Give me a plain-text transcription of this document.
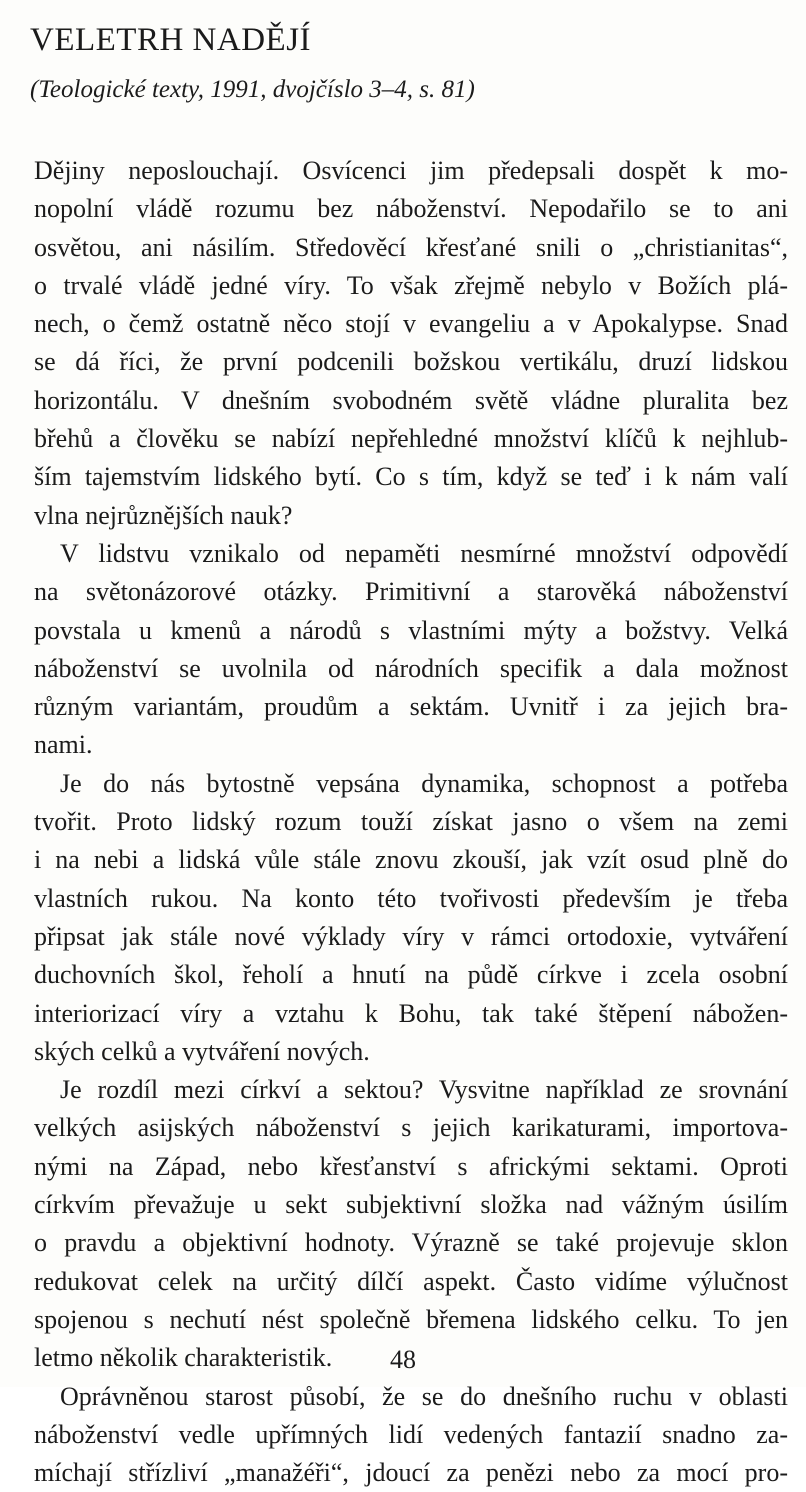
VELETRH NADĚJÍ

(Teologické texty, 1991, dvojčíslo 3–4, s. 81)

Dějiny neposlouchají. Osvícenci jim předepsali dospět k mo-
nopolní vládě rozumu bez náboženství. Nepodařilo se to ani
osvětou, ani násilím. Středověcí křesťané snili o „christianitas“,
o trvalé vládě jedné víry. To však zřejmě nebylo v Božích plá-
nech, o čemž ostatně něco stojí v evangeliu a v Apokalypse. Snad
se dá říci, že první podcenili božskou vertikálu, druzí lidskou
horizontálu. V dnešním svobodném světě vládne pluralita bez
břehů a člověku se nabízí nepřehledné množství klíčů k nejhlub-
ším tajemstvím lidského bytí. Co s tím, když se teď i k nám valí
vlna nejrůznějších nauk?
V lidstvu vznikalo od nepaměti nesmírné množství odpovědí
na světonázorové otázky. Primitivní a starověká náboženství
povstala u kmenů a národů s vlastními mýty a božstvy. Velká
náboženství se uvolnila od národních specifik a dala možnost
různým variantám, proudům a sektám. Uvnitř i za jejich bra-
nami.
Je do nás bytostně vepsána dynamika, schopnost a potřeba
tvořit. Proto lidský rozum touží získat jasno o všem na zemi
i na nebi a lidská vůle stále znovu zkouší, jak vzít osud plně do
vlastních rukou. Na konto této tvořivosti především je třeba
připsat jak stále nové výklady víry v rámci ortodoxie, vytváření
duchovních škol, řeholí a hnutí na půdě církve i zcela osobní
interiorizací víry a vztahu k Bohu, tak také štěpení nábožen-
ských celků a vytváření nových.
Je rozdíl mezi církví a sektou? Vysvitne například ze srovnání
velkých asijských náboženství s jejich karikaturami, importova-
nými na Západ, nebo křesťanství s africkými sektami. Oproti
církvím převažuje u sekt subjektivní složka nad vážným úsilím
o pravdu a objektivní hodnoty. Výrazně se také projevuje sklon
redukovat celek na určitý dílčí aspekt. Často vidíme výlučnost
spojenou s nechutí nést společně břemena lidského celku. To jen
letmo několik charakteristik.
Oprávněnou starost působí, že se do dnešního ruchu v oblasti
náboženství vedle upřímných lidí vedených fantazií snadno za-
míchají střízliví „manažéři“, jdoucí za penězi nebo za mocí pro-
48
